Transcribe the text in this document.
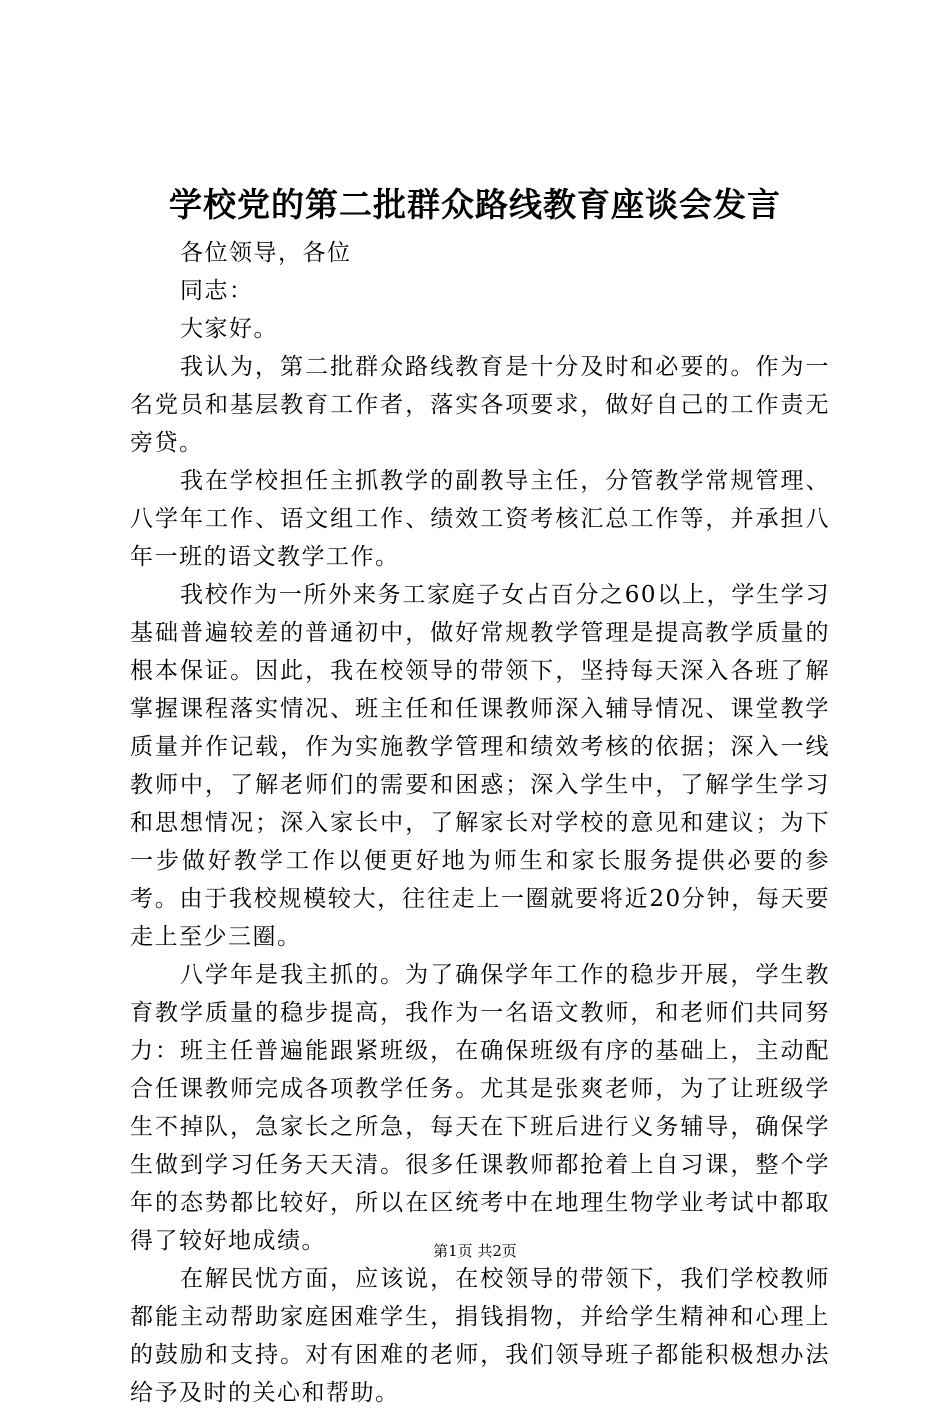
学校党的第二批群众路线教育座谈会发言

各位领导，各位

同志：

大家好。

我认为，第二批群众路线教育是十分及时和必要的。作为一名党员和基层教育工作者，落实各项要求，做好自己的工作责无旁贷。

我在学校担任主抓教学的副教导主任，分管教学常规管理、八学年工作、语文组工作、绩效工资考核汇总工作等，并承担八年一班的语文教学工作。

我校作为一所外来务工家庭子女占百分之60以上，学生学习基础普遍较差的普通初中，做好常规教学管理是提高教学质量的根本保证。因此，我在校领导的带领下，坚持每天深入各班了解掌握课程落实情况、班主任和任课教师深入辅导情况、课堂教学质量并作记载，作为实施教学管理和绩效考核的依据；深入一线教师中，了解老师们的需要和困惑；深入学生中，了解学生学习和思想情况；深入家长中，了解家长对学校的意见和建议；为下一步做好教学工作以便更好地为师生和家长服务提供必要的参考。由于我校规模较大，往往走上一圈就要将近20分钟，每天要走上至少三圈。

八学年是我主抓的。为了确保学年工作的稳步开展，学生教育教学质量的稳步提高，我作为一名语文教师，和老师们共同努力：班主任普遍能跟紧班级，在确保班级有序的基础上，主动配合任课教师完成各项教学任务。尤其是张爽老师，为了让班级学生不掉队，急家长之所急，每天在下班后进行义务辅导，确保学生做到学习任务天天清。很多任课教师都抢着上自习课，整个学年的态势都比较好，所以在区统考中在地理生物学业考试中都取得了较好地成绩。

在解民忧方面，应该说，在校领导的带领下，我们学校教师都能主动帮助家庭困难学生，捐钱捐物，并给学生精神和心理上的鼓励和支持。对有困难的老师，我们领导班子都能积极想办法给予及时的关心和帮助。

第1页 共2页
